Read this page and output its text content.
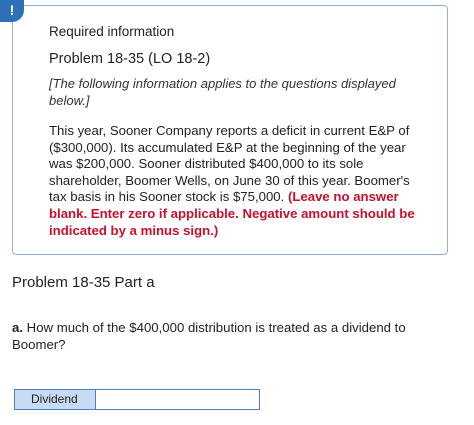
!
Required information
Problem 18-35 (LO 18-2)
[The following information applies to the questions displayed below.]

This year, Sooner Company reports a deficit in current E&P of ($300,000). Its accumulated E&P at the beginning of the year was $200,000. Sooner distributed $400,000 to its sole shareholder, Boomer Wells, on June 30 of this year. Boomer's tax basis in his Sooner stock is $75,000. (Leave no answer blank. Enter zero if applicable. Negative amount should be indicated by a minus sign.)

Problem 18-35 Part a

a. How much of the $400,000 distribution is treated as a dividend to Boomer?

Dividend
